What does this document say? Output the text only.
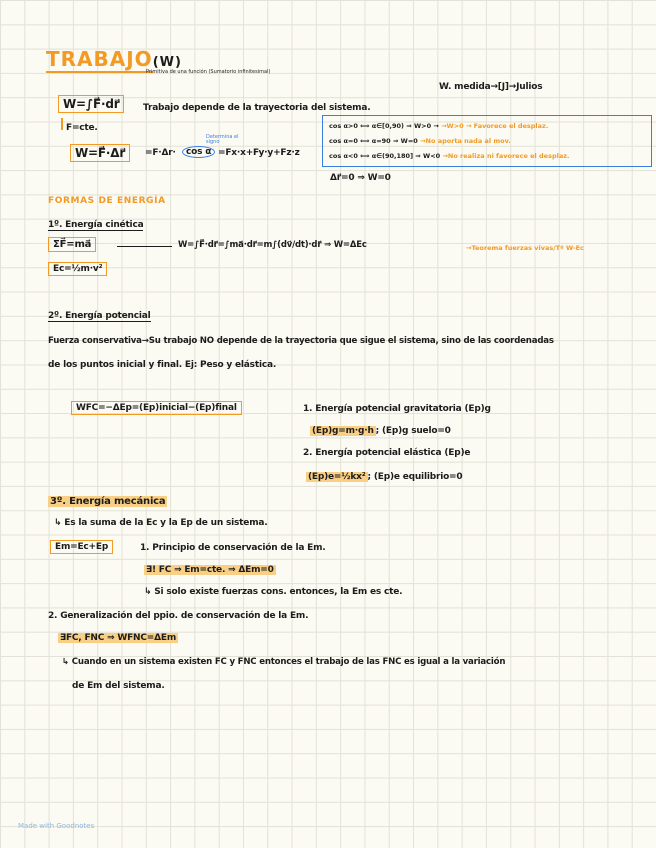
TRABAJO(W)
Primitiva de una función (Sumatorio infinitesimal)
W. medida→[J]→Julios
W=∫F⃗·dr⃗	Trabajo depende de la trayectoria del sistema.
F=cte.
W=F⃗·Δr⃗	=F·Δr·	cos α
Determina el signo
=Fx·x+Fy·y+Fz·z
cos α>0 ⟺ α∈[0,90) ⇒ W>0 → →W>0 → Favorece el desplaz.
cos α=0 ⟺ α=90 ⇒ W=0 →No aporta nada al mov.
cos α<0 ⟺ α∈(90,180] ⇒ W<0 →No realiza ni favorece el desplaz.
Δr⃗=0 ⇒ W=0
FORMAS DE ENERGÍA
1º. Energía cinética
ΣF⃗=ma⃗	W=∫F⃗·dr⃗=∫ma⃗·dr⃗=m∫(dv⃗/dt)·dr⃗ ⇒ W=ΔEc	→Teorema fuerzas vivas/Tº W-Ec
Ec=½m·v²
2º. Energía potencial
Fuerza conservativa→Su trabajo NO depende de la trayectoria que sigue el sistema, sino de las coordenadas
de los puntos inicial y final. Ej: Peso y elástica.
WFC=−ΔEp=(Ep)inicial−(Ep)final	1. Energía potencial gravitatoria (Ep)g
(Ep)g=m·g·h ; (Ep)g suelo=0
2. Energía potencial elástica (Ep)e
(Ep)e=½kx² ; (Ep)e equilibrio=0
3º. Energía mecánica
↳ Es la suma de la Ec y la Ep de un sistema.
Em=Ec+Ep	1. Principio de conservación de la Em.
∃! FC ⇒ Em=cte. ⇒ ΔEm=0
↳ Si solo existe fuerzas cons. entonces, la Em es cte.
2. Generalización del ppio. de conservación de la Em.
∃FC, FNC ⇒ WFNC=ΔEm
↳ Cuando en un sistema existen FC y FNC entonces el trabajo de las FNC es igual a la variación
de Em del sistema.
Made with Goodnotes
